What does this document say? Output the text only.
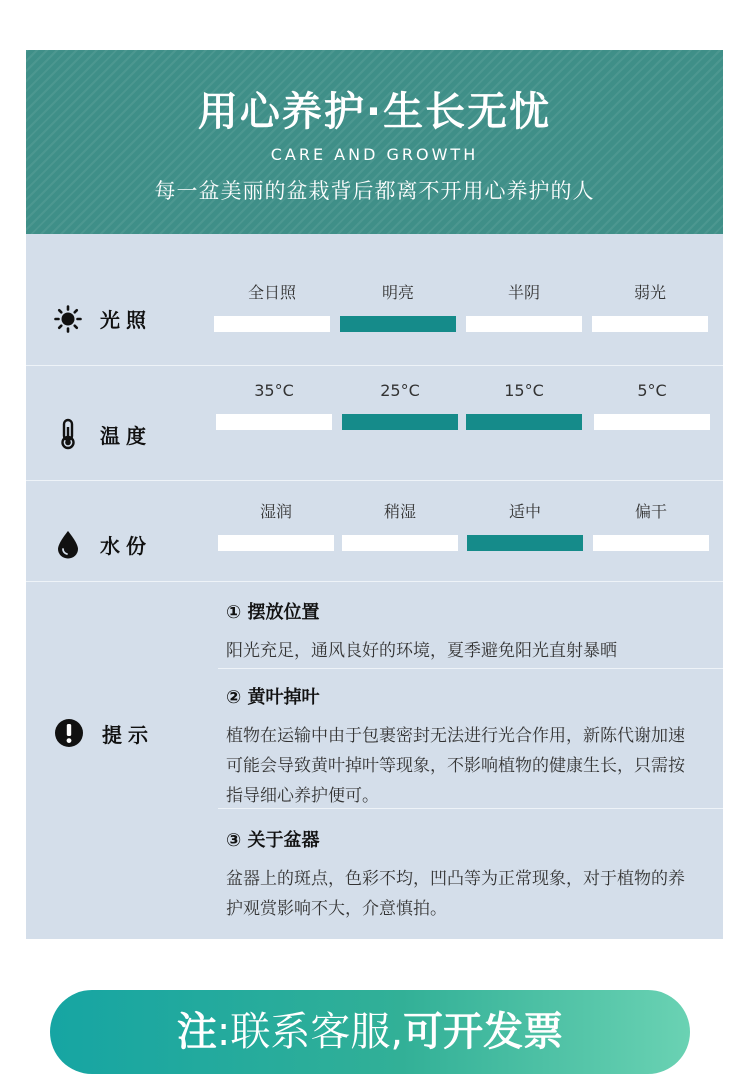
用心养护·生长无忧
CARE AND GROWTH
每一盆美丽的盆栽背后都离不开用心养护的人
光照
全日照	明亮	半阴	弱光
温度
35°C	25°C	15°C	5°C
水份
湿润	稍湿	适中	偏干
提示
① 摆放位置
阳光充足，通风良好的环境，夏季避免阳光直射暴晒
② 黄叶掉叶
植物在运输中由于包裹密封无法进行光合作用，新陈代谢加速可能会导致黄叶掉叶等现象，不影响植物的健康生长，只需按指导细心养护便可。
③ 关于盆器
盆器上的斑点，色彩不均，凹凸等为正常现象，对于植物的养护观赏影响不大，介意慎拍。
注:联系客服,可开发票
